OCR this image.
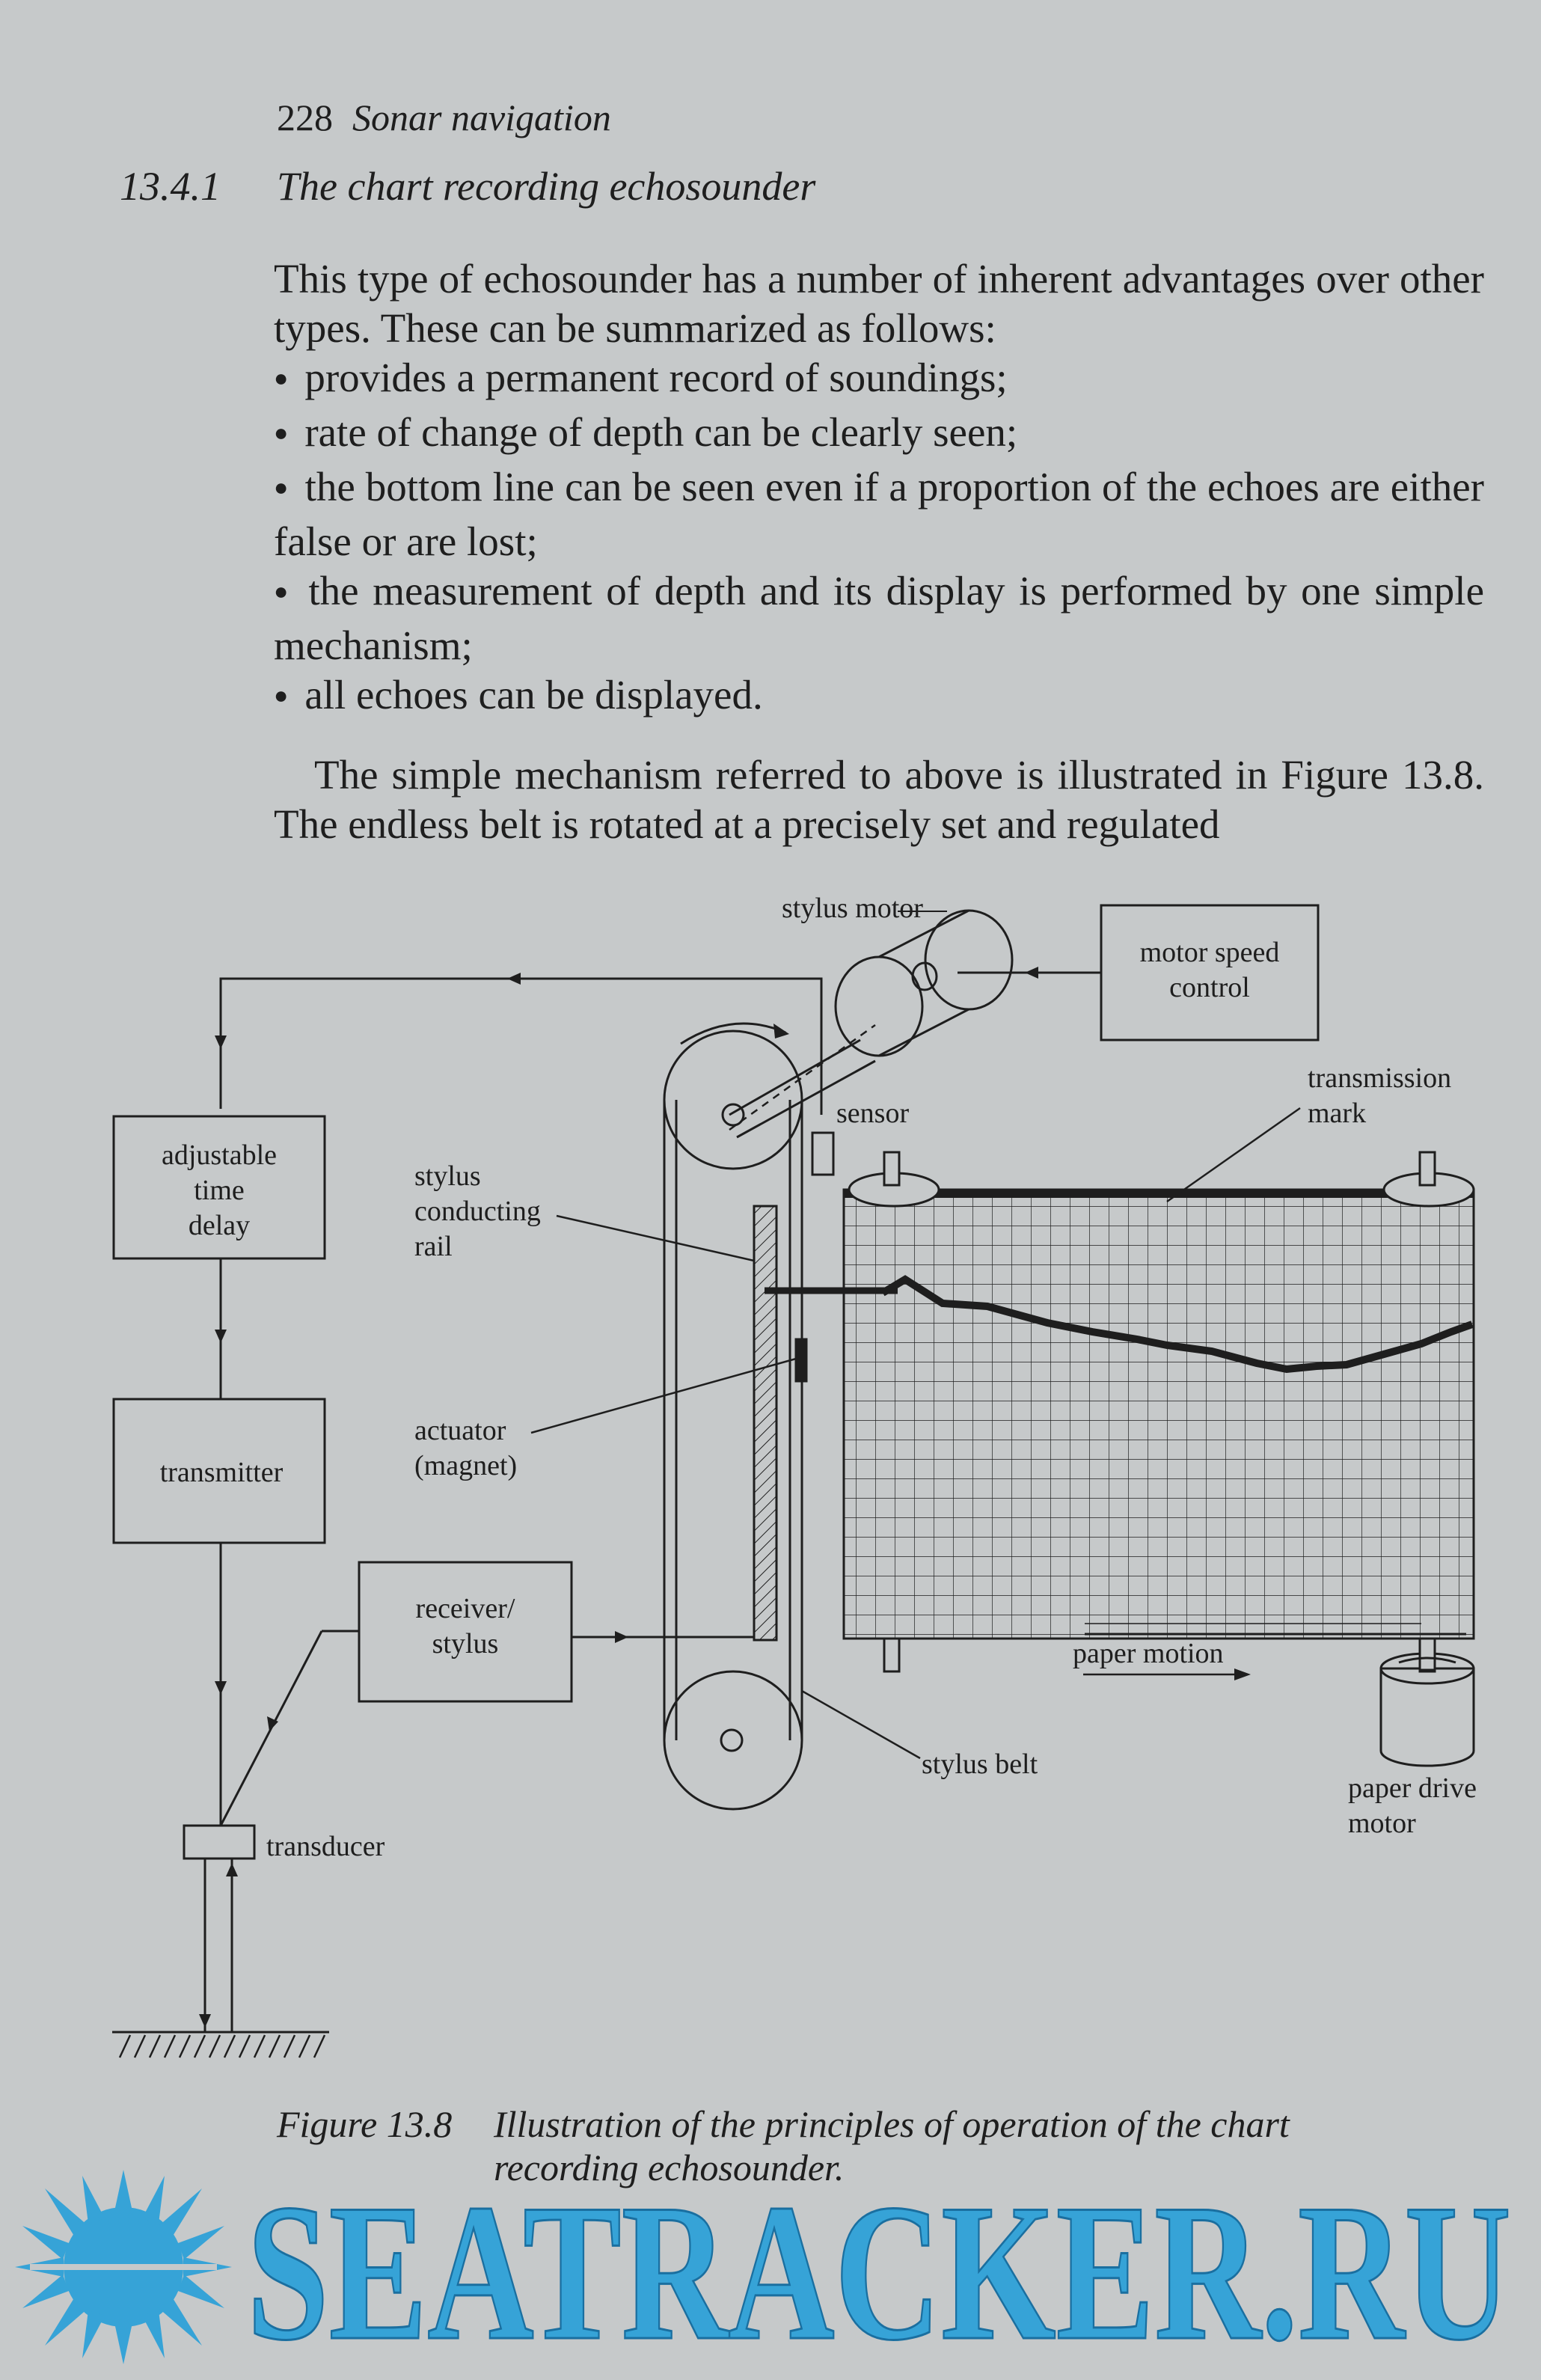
228 Sonar navigation
13.4.1 The chart recording echosounder

This type of echosounder has a number of inherent advantages over other types. These can be summarized as follows:

● provides a permanent record of soundings;

● rate of change of depth can be clearly seen;

● the bottom line can be seen even if a proportion of the echoes are either false or are lost;

● the measurement of depth and its display is performed by one simple mechanism;

● all echoes can be displayed.

The simple mechanism referred to above is illustrated in Figure 13.8. The endless belt is rotated at a precisely set and regulated

stylus motor
motor speed
control
transmission
mark
sensor
adjustable
time
delay
stylus
conducting
rail
transmitter
actuator
(magnet)
receiver/
stylus	paper motion
stylus belt
paper drive
motor
transducer
Figure 13.8 Illustration of the principles of operation of the chart recording echosounder.
SEATRACKER.RU
